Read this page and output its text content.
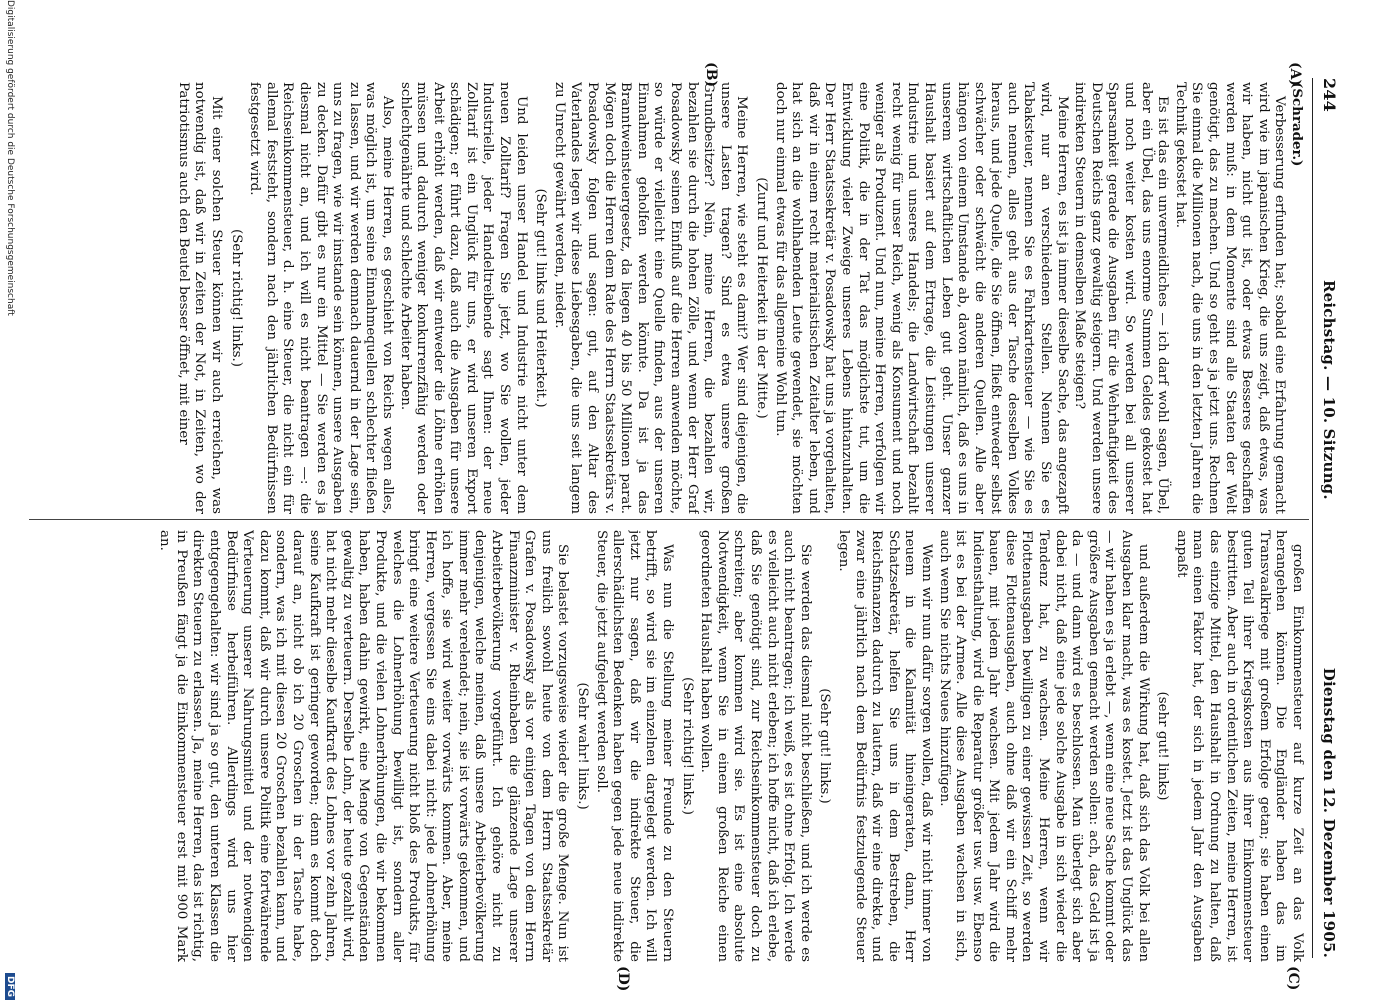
244
Reichstag. — 10. Sitzung.
Dienstag den 12. Dezember 1905.
(A)
(B)
(C)
(D)

(Schrader.)

Verbesserung erfunden hat; sobald eine Erfahrung gemacht wird wie im japanischen Krieg, die uns zeigt, daß etwas, was wir haben, nicht gut ist, oder etwas Besseres geschaffen werden muß: in dem Momente sind alle Staaten der Welt genötigt, das zu machen. Und so geht es ja jetzt uns. Rechnen Sie einmal die Millionen nach, die uns in den letzten Jahren die Technik gekostet hat.

Es ist das ein unvermeidliches — ich darf wohl sagen, Übel, aber ein Übel, das uns enorme Summen Geldes gekostet hat und noch weiter kosten wird. So werden bei all unserer Sparsamkeit gerade die Ausgaben für die Wehrhaftigkeit des Deutschen Reichs ganz gewaltig steigern. Und werden unsere indirekten Steuern in demselben Maße steigen?

Meine Herren, es ist ja immer dieselbe Sache, das angezapft wird, nur an verschiedenen Stellen. Nennen Sie es Tabaksteuer, nennen Sie es Fahrkartensteuer — wie Sie es auch nennen, alles geht aus der Tasche desselben Volkes heraus, und jede Quelle, die Sie öffnen, fließt entweder selbst schwächer oder schwächt die anderen Quellen. Alle aber hängen von einem Umstande ab, davon nämlich, daß es uns in unserem wirtschaftlichen Leben gut geht. Unser ganzer Haushalt basiert auf dem Ertrage, die Leistungen unserer Industrie und unseres Handels; die Landwirtschaft bezahlt recht wenig für unser Reich, wenig als Konsument und noch weniger als Produzent. Und nun, meine Herren, verfolgen wir eine Politik, die in der Tat das möglichste tut, um die Entwicklung vieler Zweige unseres Lebens hintanzuhalten. Der Herr Staatssekretär v. Posadowsky hat uns ja vorgehalten, daß wir in einem recht materialistischen Zeitalter leben, und hat sich an die wohlhabenden Leute gewendet, sie möchten doch nur einmal etwas für das allgemeine Wohl tun.

(Zuruf und Heiterkeit in der Mitte.)

Meine Herren, wie steht es damit? Wer sind diejenigen, die unsere Lasten tragen? Sind es etwa unsere großen Grundbesitzer? Nein, meine Herren, die bezahlen wir, bezahlen sie durch die hohen Zölle, und wenn der Herr Graf Posadowsky seinen Einfluß auf die Herren anwenden möchte, so würde er vielleicht eine Quelle finden, aus der unseren Einnahmen geholfen werden könnte. Da ist ja das Branntweinsteuergesetz, da liegen 40 bis 50 Millionen parat. Mögen doch die Herren dem Rate des Herrn Staatssekretärs v. Posadowsky folgen und sagen: gut, auf den Altar des Vaterlandes legen wir diese Liebesgaben, die uns seit langem zu Unrecht gewährt werden, nieder.

(Sehr gut! links und Heiterkeit.)

Und leiden unser Handel und Industrie nicht unter dem neuen Zolltarif? Fragen Sie jetzt, wo Sie wollen, jeder Industrielle, jeder Handeltreibende sagt Ihnen: der neue Zolltarif ist ein Unglück für uns, er wird unseren Export schädigen; er führt dazu, daß auch die Ausgaben für unsere Arbeit erhöht werden, daß wir entweder die Löhne erhöhen müssen und dadurch weniger konkurrenzfähig werden oder schlechtgenährte und schlechte Arbeiter haben.

Also, meine Herren, es geschieht von Reichs wegen alles, was möglich ist, um seine Einnahmequellen schlechter fließen zu lassen, und wir werden demnach dauernd in der Lage sein, uns zu fragen, wie wir imstande sein können, unsere Ausgaben zu decken. Dafür gibt es nur ein Mittel — Sie werden es ja diesmal nicht an, und ich will es nicht beantragen —: die Reichseinkommensteuer, d. h. eine Steuer, die nicht ein für allemal feststeht, sondern nach den jährlichen Bedürfnissen festgesetzt wird.

(Sehr richtig! links.)

Mit einer solchen Steuer können wir auch erreichen, was notwendig ist, daß wir in Zeiten der Not, in Zeiten, wo der Patriotismus auch den Beutel besser öffnet, mit einer

großen Einkommensteuer auf kurze Zeit an das Volk herangehen können. Die Engländer haben das im Transvaalkriege mit großem Erfolge getan; sie haben einen guten Teil ihrer Kriegskosten aus ihrer Einkommensteuer bestritten. Aber auch in ordentlichen Zeiten, meine Herren, ist das einzige Mittel, den Haushalt in Ordnung zu halten, daß man einen Faktor hat, der sich in jedem Jahr den Ausgaben anpaßt

(sehr gut! links)

und außerdem die Wirkung hat, daß sich das Volk bei allen Ausgaben klar macht, was es kostet. Jetzt ist das Unglück das — wir haben es ja erlebt —, wenn eine neue Sache kommt oder größere Ausgaben gemacht werden sollen: ach, das Geld ist ja da — und dann wird es beschlossen. Man überlegt sich aber dabei nicht, daß eine jede solche Ausgabe in sich wieder die Tendenz hat, zu wachsen. Meine Herren, wenn wir Flottenausgaben bewilligen zu einer gewissen Zeit, so werden diese Flottenausgaben, auch ohne daß wir ein Schiff mehr bauen, mit jedem Jahr wachsen. Mit jedem Jahr wird die Indiensthaltung, wird die Reparatur größer usw. usw. Ebenso ist es bei der Armee. Alle diese Ausgaben wachsen in sich, auch wenn Sie nichts Neues hinzufügen.

Wenn wir nun dafür sorgen wollen, daß wir nicht immer von neuem in die Kalamität hineingeraten, dann, Herr Schatzsekretär, helfen Sie uns in dem Bestreben, die Reichsfinanzen dadurch zu lautern, daß wir eine direkte, und zwar eine jährlich nach dem Bedürfnis festzulegende Steuer legen.

(Sehr gut! links.)

Sie werden das diesmal nicht beschließen, und ich werde es auch nicht beantragen; ich weiß, es ist ohne Erfolg. Ich werde es vielleicht auch nicht erleben; ich hoffe nicht, daß ich erlebe, daß Sie genötigt sind, zur Reichseinkommensteuer doch zu schreiten; aber kommen wird sie. Es ist eine absolute Notwendigkeit, wenn Sie in einem großen Reiche einen geordneten Haushalt haben wollen.

(Sehr richtig! links.)

Was nun die Stellung meiner Freunde zu den Steuern betrifft, so wird sie im einzelnen dargelegt werden. Ich will jetzt nur sagen, daß wir die indirekte Steuer, die allerschädlichsten Bedenken haben gegen jede neue indirekte Steuer, die jetzt aufgelegt werden soll.

(Sehr wahr! links.)

Sie belastet vorzugsweise wieder die große Menge. Nun ist uns freilich sowohl heute von dem Herrn Staatssekretär Grafen v. Posadowsky als vor einigen Tagen von dem Herrn Finanzminister v. Rheinbaben die glänzende Lage unserer Arbeiterbevölkerung vorgeführt. Ich gehöre nicht zu denjenigen, welche meinen, daß unsere Arbeiterbevölkerung immer mehr verelendet; nein, sie ist vorwärts gekommen, und ich hoffe, sie wird weiter vorwärts kommen. Aber, meine Herren, vergessen Sie eins dabei nicht: jede Lohnerhöhung bringt eine weitere Verteuerung nicht bloß des Produkts, für welches die Lohnerhöhung bewilligt ist, sondern aller Produkte, und die vielen Lohnerhöhungen, die wir bekommen haben, haben dahin gewirkt, eine Menge von Gegenständen gewaltig zu verteuern. Derselbe Lohn, der heute gezahlt wird, hat nicht mehr dieselbe Kaufkraft des Lohnes vor zehn Jahren, seine Kaufkraft ist geringer geworden; denn es kommt doch darauf an, nicht ob ich 20 Groschen in der Tasche habe, sondern, was ich mit diesen 20 Groschen bezahlen kann, und dazu kommt, daß wir durch unsere Politik eine fortwährende Verteuerung unserer Nahrungsmittel und der notwendigen Bedürfnisse herbeiführen. Allerdings wird uns hier entgegengehalten: wir sind ja so gut, den unteren Klassen die direkten Steuern zu erlassen. Ja, meine Herren, das ist richtig, in Preußen fängt ja die Einkommensteuer erst mit 900 Mark an.

Digitalisierung gefördert durch die Deutsche Forschungsgemeinschaft
DFG
